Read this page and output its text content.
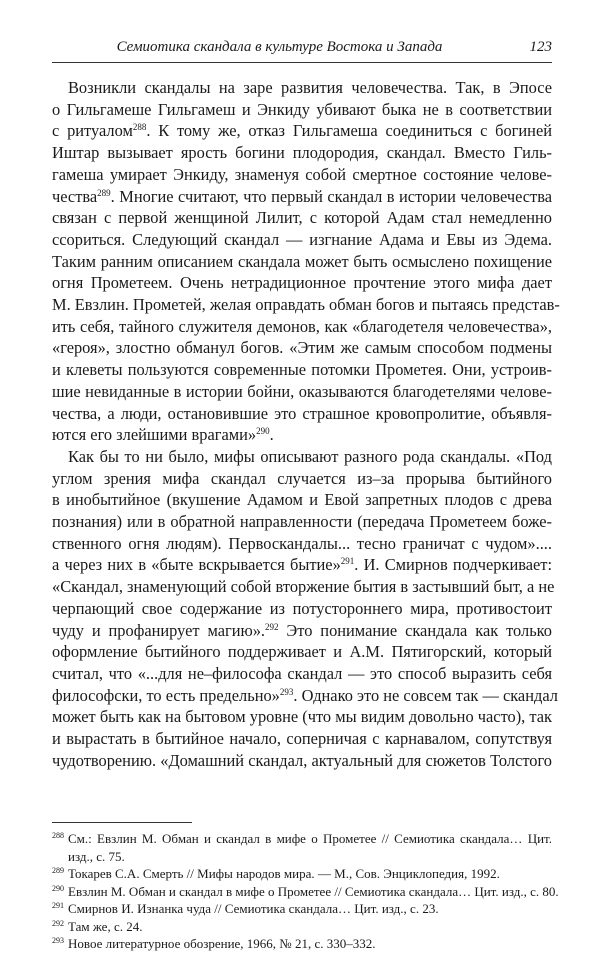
Семиотика скандала в культуре Востока и Запада	123
Возникли скандалы на заре развития человечества. Так, в Эпосе
о Гильгамеше Гильгамеш и Энкиду убивают быка не в соответствии
с ритуалом$^{288}$. К тому же, отказ Гильгамеша соединиться с богиней
Иштар вызывает ярость богини плодородия, скандал. Вместо Гиль-
гамеша умирает Энкиду, знаменуя собой смертное состояние челове-
чества$^{289}$. Многие считают, что первый скандал в истории человечества
связан с первой женщиной Лилит, с которой Адам стал немедленно
ссориться. Следующий скандал — изгнание Адама и Евы из Эдема.
Таким ранним описанием скандала может быть осмыслено похищение
огня Прометеем. Очень нетрадиционное прочтение этого мифа дает
М. Евзлин. Прометей, желая оправдать обман богов и пытаясь представ-
ить себя, тайного служителя демонов, как «благодетеля человечества»,
«героя», злостно обманул богов. «Этим же самым способом подмены
и клеветы пользуются современные потомки Прометея. Они, устроив-
шие невиданные в истории бойни, оказываются благодетелями челове-
чества, а люди, остановившие это страшное кровопролитие, объявля-
ются его злейшими врагами»$^{290}$.
Как бы то ни было, мифы описывают разного рода скандалы. «Под
углом зрения мифа скандал случается из–за прорыва бытийного
в инобытийное (вкушение Адамом и Евой запретных плодов с древа
познания) или в обратной направленности (передача Прометеем боже-
ственного огня людям). Первоскандалы... тесно граничат с чудом»....
а через них в «быте вскрывается бытие»$^{291}$. И. Смирнов подчеркивает:
«Скандал, знаменующий собой вторжение бытия в застывший быт, а не
черпающий свое содержание из потустороннего мира, противостоит
чуду и профанирует магию».$^{292}$ Это понимание скандала как только
оформление бытийного поддерживает и А.М. Пятигорский, который
считал, что «...для не–философа скандал — это способ выразить себя
философски, то есть предельно»$^{293}$. Однако это не совсем так — скандал
может быть как на бытовом уровне (что мы видим довольно часто), так
и вырастать в бытийное начало, соперничая с карнавалом, сопутствуя
чудотворению. «Домашний скандал, актуальный для сюжетов Толстого
$^{288}$ См.: Евзлин М. Обман и скандал в мифе о Прометее // Семиотика скандала… Цит.
изд., с. 75.
$^{289}$ Токарев С.А. Смерть // Мифы народов мира. — М., Сов. Энциклопедия, 1992.
$^{290}$ Евзлин М. Обман и скандал в мифе о Прометее // Семиотика скандала… Цит. изд., с. 80.
$^{291}$ Смирнов И. Изнанка чуда // Семиотика скандала… Цит. изд., с. 23.
$^{292}$ Там же, с. 24.
$^{293}$ Новое литературное обозрение, 1966, № 21, с. 330–332.
